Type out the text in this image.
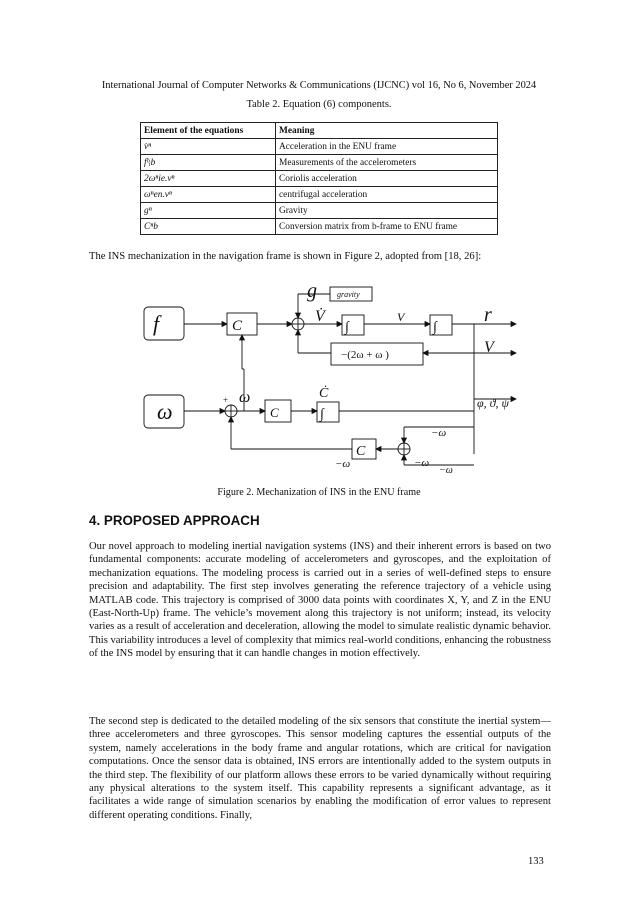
International Journal of Computer Networks & Communications (IJCNC) vol 16, No 6, November 2024
Table 2. Equation (6) components.
Element of the equations	Meaning
v̇ⁿ	Acceleration in the ENU frame
fᵇᵢb	Measurements of the accelerometers
2ωⁿie.vⁿ	Coriolis acceleration
ωⁿen.vⁿ	centrifugal acceleration
gⁿ	Gravity
Cⁿb	Conversion matrix from b-frame to ENU frame

The INS mechanization in the navigation frame is shown in Figure 2, adopted from [18, 26]:

f
ω
C
C
C
g	gravity
V̇	V	r
V
−(2ω + ω )
φ, ϑ, ψ
ω	Ċ
−ω
−ω
−ω
−ω
+
∫	∫
∫
Figure 2. Mechanization of INS in the ENU frame
4. PROPOSED APPROACH

Our novel approach to modeling inertial navigation systems (INS) and their inherent errors is based on two fundamental components: accurate modeling of accelerometers and gyroscopes, and the exploitation of mechanization equations. The modeling process is carried out in a series of well-defined steps to ensure precision and adaptability. The first step involves generating the reference trajectory of a vehicle using MATLAB code. This trajectory is comprised of 3000 data points with coordinates X, Y, and Z in the ENU (East-North-Up) frame. The vehicle’s movement along this trajectory is not uniform; instead, its velocity varies as a result of acceleration and deceleration, allowing the model to simulate realistic dynamic behavior. This variability introduces a level of complexity that mimics real-world conditions, enhancing the robustness of the INS model by ensuring that it can handle changes in motion effectively.

The second step is dedicated to the detailed modeling of the six sensors that constitute the inertial system—three accelerometers and three gyroscopes. This sensor modeling captures the essential outputs of the system, namely accelerations in the body frame and angular rotations, which are critical for navigation computations. Once the sensor data is obtained, INS errors are intentionally added to the system outputs in the third step. The flexibility of our platform allows these errors to be varied dynamically without requiring any physical alterations to the system itself. This capability represents a significant advantage, as it facilitates a wide range of simulation scenarios by enabling the modification of error values to represent different operating conditions. Finally,

133
